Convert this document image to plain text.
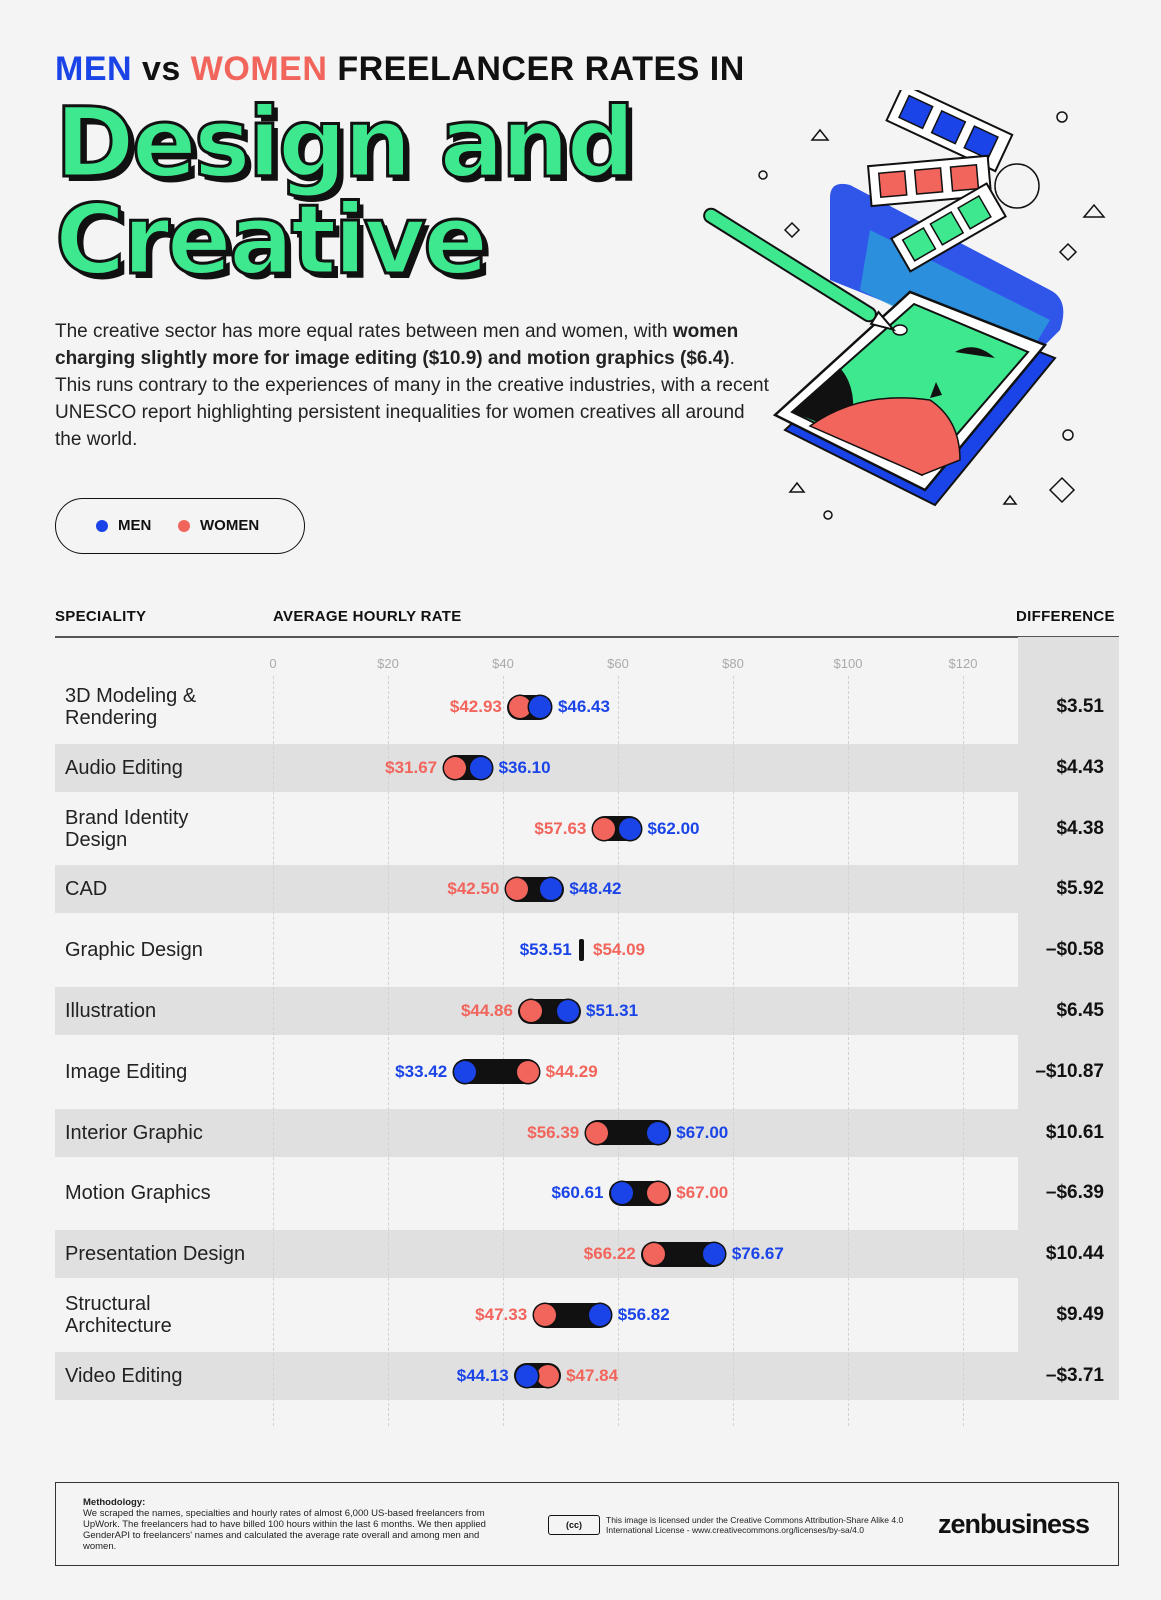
MEN vs WOMEN FREELANCER RATES IN
Design and
Creative
The creative sector has more equal rates between men and women, with women charging slightly more for image editing ($10.9) and motion graphics ($6.4). This runs contrary to the experiences of many in the creative industries, with a recent UNESCO report highlighting persistent inequalities for women creatives all around the world.
MEN	WOMEN
SPECIALITY	AVERAGE HOURLY RATE	DIFFERENCE
0	$20	$40	$60	$80	$100	$120
3D Modeling &
Rendering
$42.93	$46.43	$3.51
Audio Editing	$31.67	$36.10	$4.43
Brand Identity
Design
$57.63	$62.00	$4.38
CAD	$42.50	$48.42	$5.92
Graphic Design	$53.51 $54.09	–$0.58
Illustration	$44.86	$51.31	$6.45
Image Editing	$33.42	$44.29	–$10.87
Interior Graphic	$56.39	$67.00	$10.61
Motion Graphics	$60.61	$67.00	–$6.39
Presentation Design	$66.22	$76.67	$10.44
Structural
Architecture
$47.33	$56.82	$9.49
Video Editing	$44.13	$47.84	–$3.71
Methodology:
We scraped the names, specialties and hourly rates of almost 6,000 US-based freelancers from UpWork. The freelancers had to have billed 100 hours within the last 6 months. We then applied GenderAPI to freelancers' names and calculated the average rate overall and among men and women.
(cc)	This image is licensed under the Creative Commons Attribution-Share Alike 4.0 International License - www.creativecommons.org/licenses/by-sa/4.0	zenbusiness
